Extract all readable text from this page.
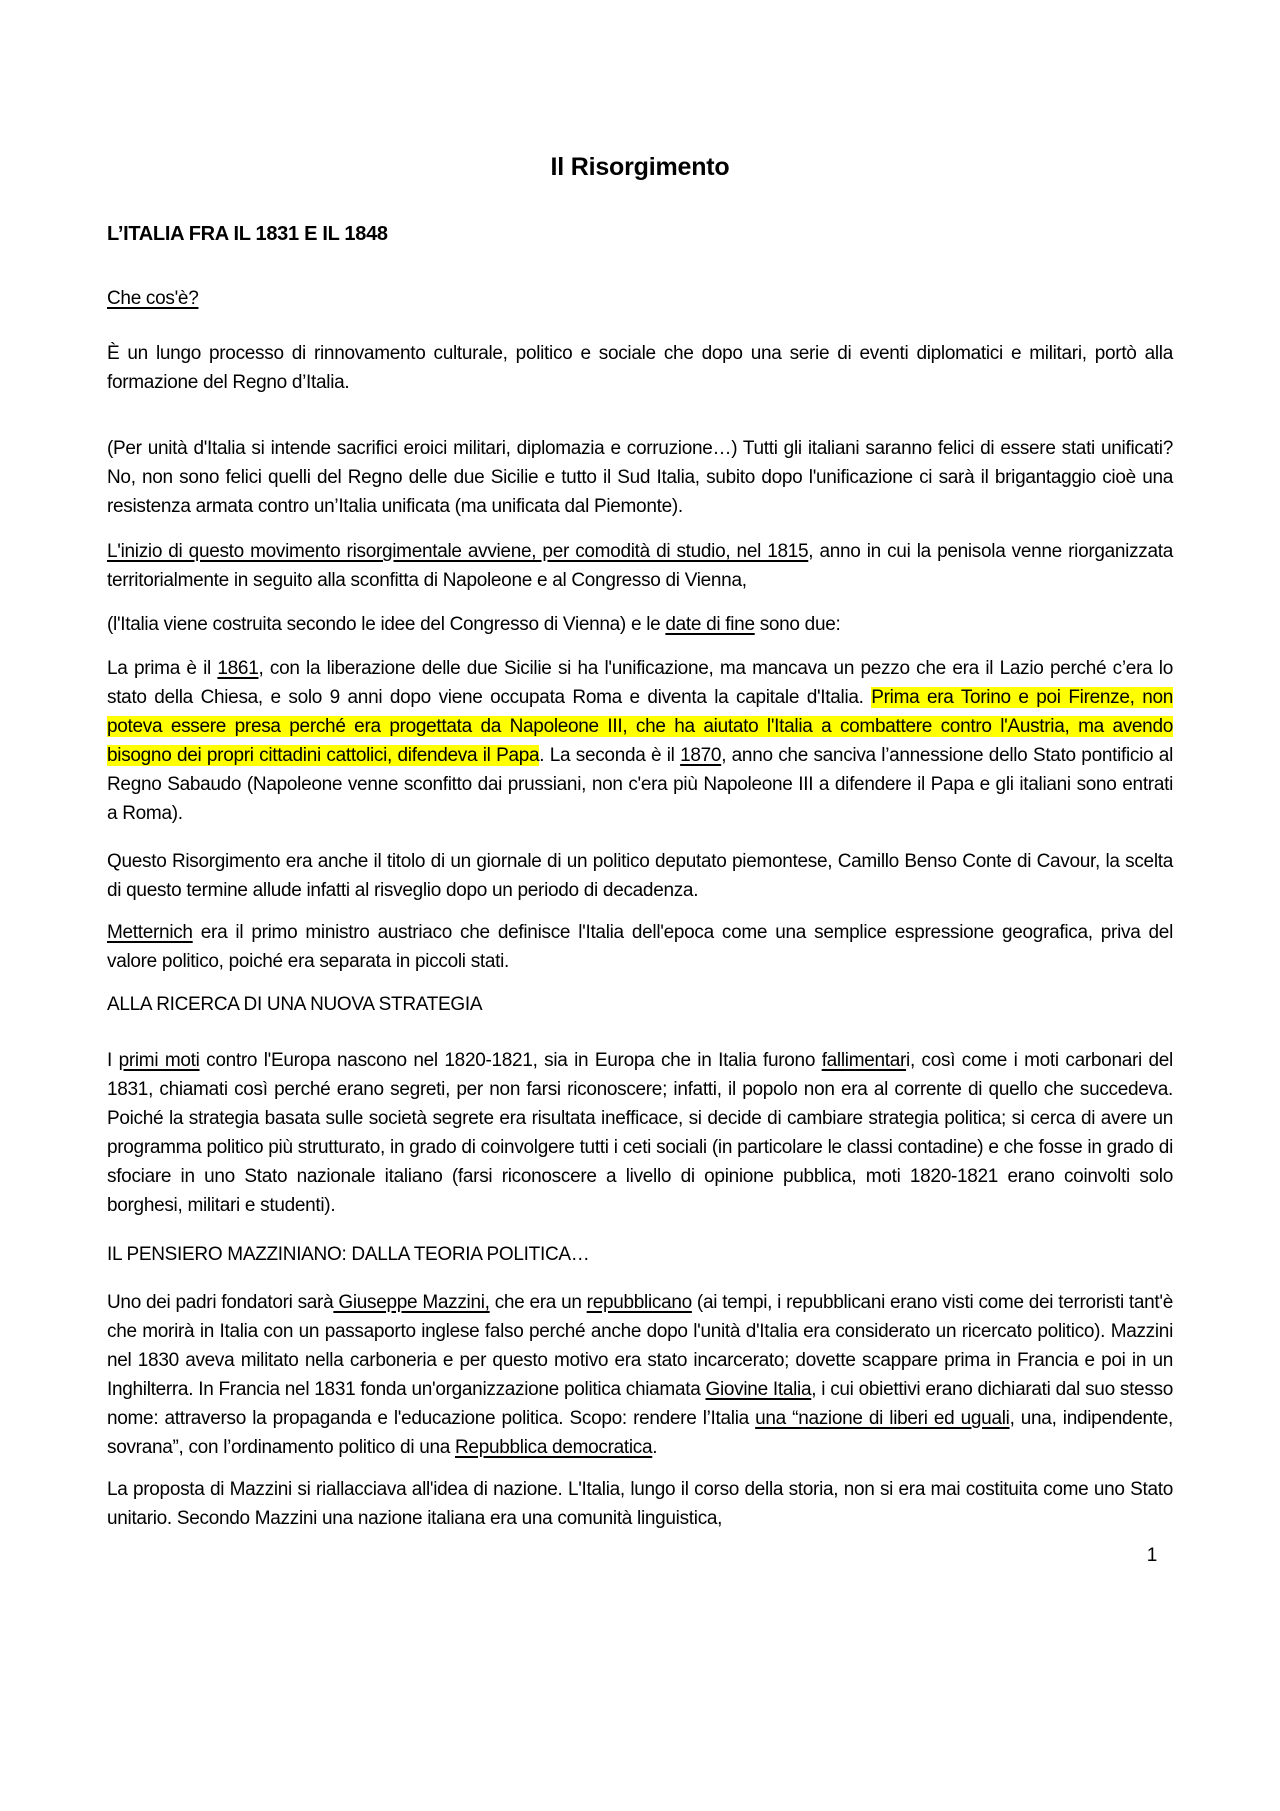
Il Risorgimento

L’ITALIA FRA IL 1831 E IL 1848

Che cos'è?

È un lungo processo di rinnovamento culturale, politico e sociale che dopo una serie di eventi diplomatici e militari, portò alla formazione del Regno d’Italia.

(Per unità d'Italia si intende sacrifici eroici militari, diplomazia e corruzione…) Tutti gli italiani saranno felici di essere stati unificati? No, non sono felici quelli del Regno delle due Sicilie e tutto il Sud Italia, subito dopo l'unificazione ci sarà il brigantaggio cioè una resistenza armata contro un’Italia unificata (ma unificata dal Piemonte).

L'inizio di questo movimento risorgimentale avviene, per comodità di studio, nel 1815, anno in cui la penisola venne riorganizzata territorialmente in seguito alla sconfitta di Napoleone e al Congresso di Vienna,

(l'Italia viene costruita secondo le idee del Congresso di Vienna) e le date di fine sono due:

La prima è il 1861, con la liberazione delle due Sicilie si ha l'unificazione, ma mancava un pezzo che era il Lazio perché c’era lo stato della Chiesa, e solo 9 anni dopo viene occupata Roma e diventa la capitale d'Italia. Prima era Torino e poi Firenze, non poteva essere presa perché era progettata da Napoleone III, che ha aiutato l'Italia a combattere contro l'Austria, ma avendo bisogno dei propri cittadini cattolici, difendeva il Papa. La seconda è il 1870, anno che sanciva l’annessione dello Stato pontificio al Regno Sabaudo (Napoleone venne sconfitto dai prussiani, non c'era più Napoleone III a difendere il Papa e gli italiani sono entrati a Roma).

Questo Risorgimento era anche il titolo di un giornale di un politico deputato piemontese, Camillo Benso Conte di Cavour, la scelta di questo termine allude infatti al risveglio dopo un periodo di decadenza.

Metternich era il primo ministro austriaco che definisce l'Italia dell'epoca come una semplice espressione geografica, priva del valore politico, poiché era separata in piccoli stati.

ALLA RICERCA DI UNA NUOVA STRATEGIA

I primi moti contro l'Europa nascono nel 1820-1821, sia in Europa che in Italia furono fallimentari, così come i moti carbonari del 1831, chiamati così perché erano segreti, per non farsi riconoscere; infatti, il popolo non era al corrente di quello che succedeva. Poiché la strategia basata sulle società segrete era risultata inefficace, si decide di cambiare strategia politica; si cerca di avere un programma politico più strutturato, in grado di coinvolgere tutti i ceti sociali (in particolare le classi contadine) e che fosse in grado di sfociare in uno Stato nazionale italiano (farsi riconoscere a livello di opinione pubblica, moti 1820-1821 erano coinvolti solo borghesi, militari e studenti).

IL PENSIERO MAZZINIANO: DALLA TEORIA POLITICA…

Uno dei padri fondatori sarà Giuseppe Mazzini, che era un repubblicano (ai tempi, i repubblicani erano visti come dei terroristi tant'è che morirà in Italia con un passaporto inglese falso perché anche dopo l'unità d'Italia era considerato un ricercato politico). Mazzini nel 1830 aveva militato nella carboneria e per questo motivo era stato incarcerato; dovette scappare prima in Francia e poi in un Inghilterra. In Francia nel 1831 fonda un'organizzazione politica chiamata Giovine Italia, i cui obiettivi erano dichiarati dal suo stesso nome: attraverso la propaganda e l'educazione politica. Scopo: rendere l’Italia una “nazione di liberi ed uguali, una, indipendente, sovrana”, con l’ordinamento politico di una Repubblica democratica.

La proposta di Mazzini si riallacciava all'idea di nazione. L'Italia, lungo il corso della storia, non si era mai costituita come uno Stato unitario. Secondo Mazzini una nazione italiana era una comunità linguistica,

1
